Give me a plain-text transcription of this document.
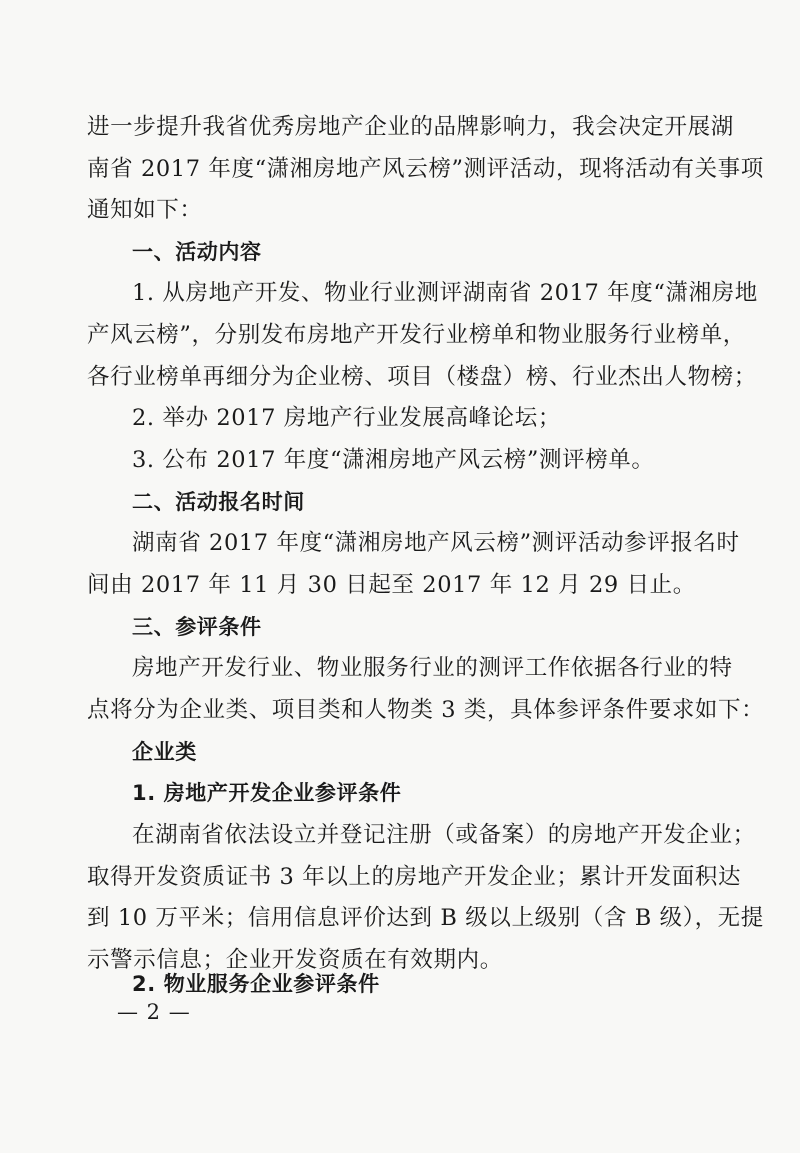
进一步提升我省优秀房地产企业的品牌影响力，我会决定开展湖
南省 2017 年度“潇湘房地产风云榜”测评活动，现将活动有关事项
通知如下：
一、活动内容
1. 从房地产开发、物业行业测评湖南省 2017 年度“潇湘房地
产风云榜”，分别发布房地产开发行业榜单和物业服务行业榜单，
各行业榜单再细分为企业榜、项目（楼盘）榜、行业杰出人物榜；
2. 举办 2017 房地产行业发展高峰论坛；
3. 公布 2017 年度“潇湘房地产风云榜”测评榜单。
二、活动报名时间
湖南省 2017 年度“潇湘房地产风云榜”测评活动参评报名时
间由 2017 年 11 月 30 日起至 2017 年 12 月 29 日止。
三、参评条件
房地产开发行业、物业服务行业的测评工作依据各行业的特
点将分为企业类、项目类和人物类 3 类，具体参评条件要求如下：
企业类
1. 房地产开发企业参评条件
在湖南省依法设立并登记注册（或备案）的房地产开发企业；
取得开发资质证书 3 年以上的房地产开发企业；累计开发面积达
到 10 万平米；信用信息评价达到 B 级以上级别（含 B 级），无提
示警示信息；企业开发资质在有效期内。
2. 物业服务企业参评条件
— 2 —
